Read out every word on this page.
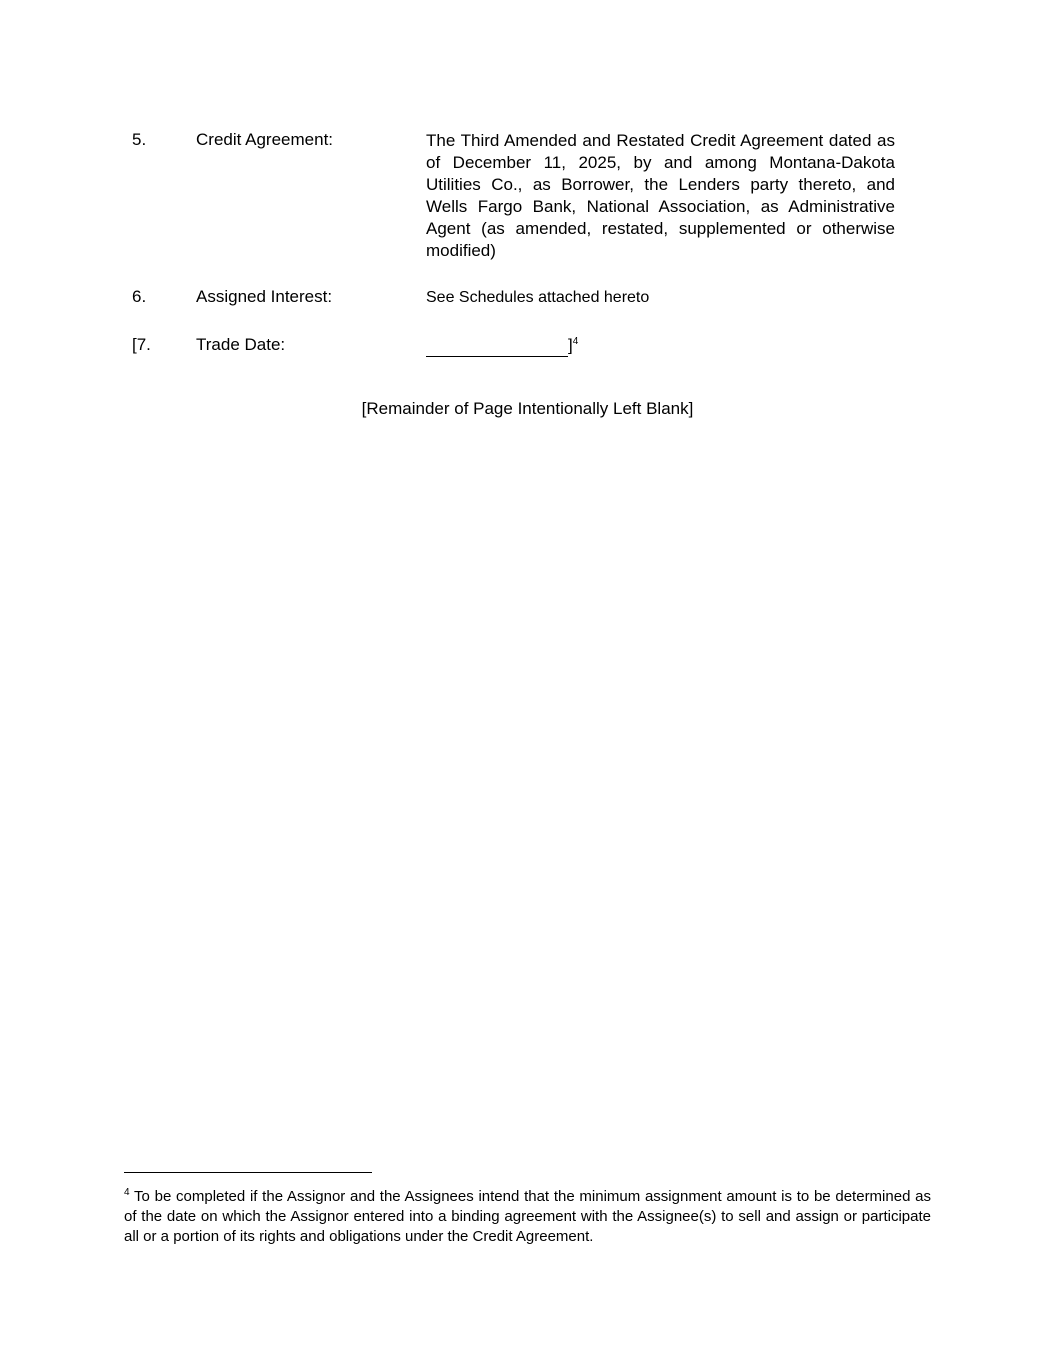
5.	Credit Agreement:	The Third Amended and Restated Credit Agreement dated as of December 11, 2025, by and among Montana-Dakota Utilities Co., as Borrower, the Lenders party thereto, and Wells Fargo Bank, National Association, as Administrative Agent (as amended, restated, supplemented or otherwise modified)
6.	Assigned Interest:	See Schedules attached hereto
[7.	Trade Date:	]$^4$
[Remainder of Page Intentionally Left Blank]
$^4$ To be completed if the Assignor and the Assignees intend that the minimum assignment amount is to be determined as of the date on which the Assignor entered into a binding agreement with the Assignee(s) to sell and assign or participate all or a portion of its rights and obligations under the Credit Agreement.
